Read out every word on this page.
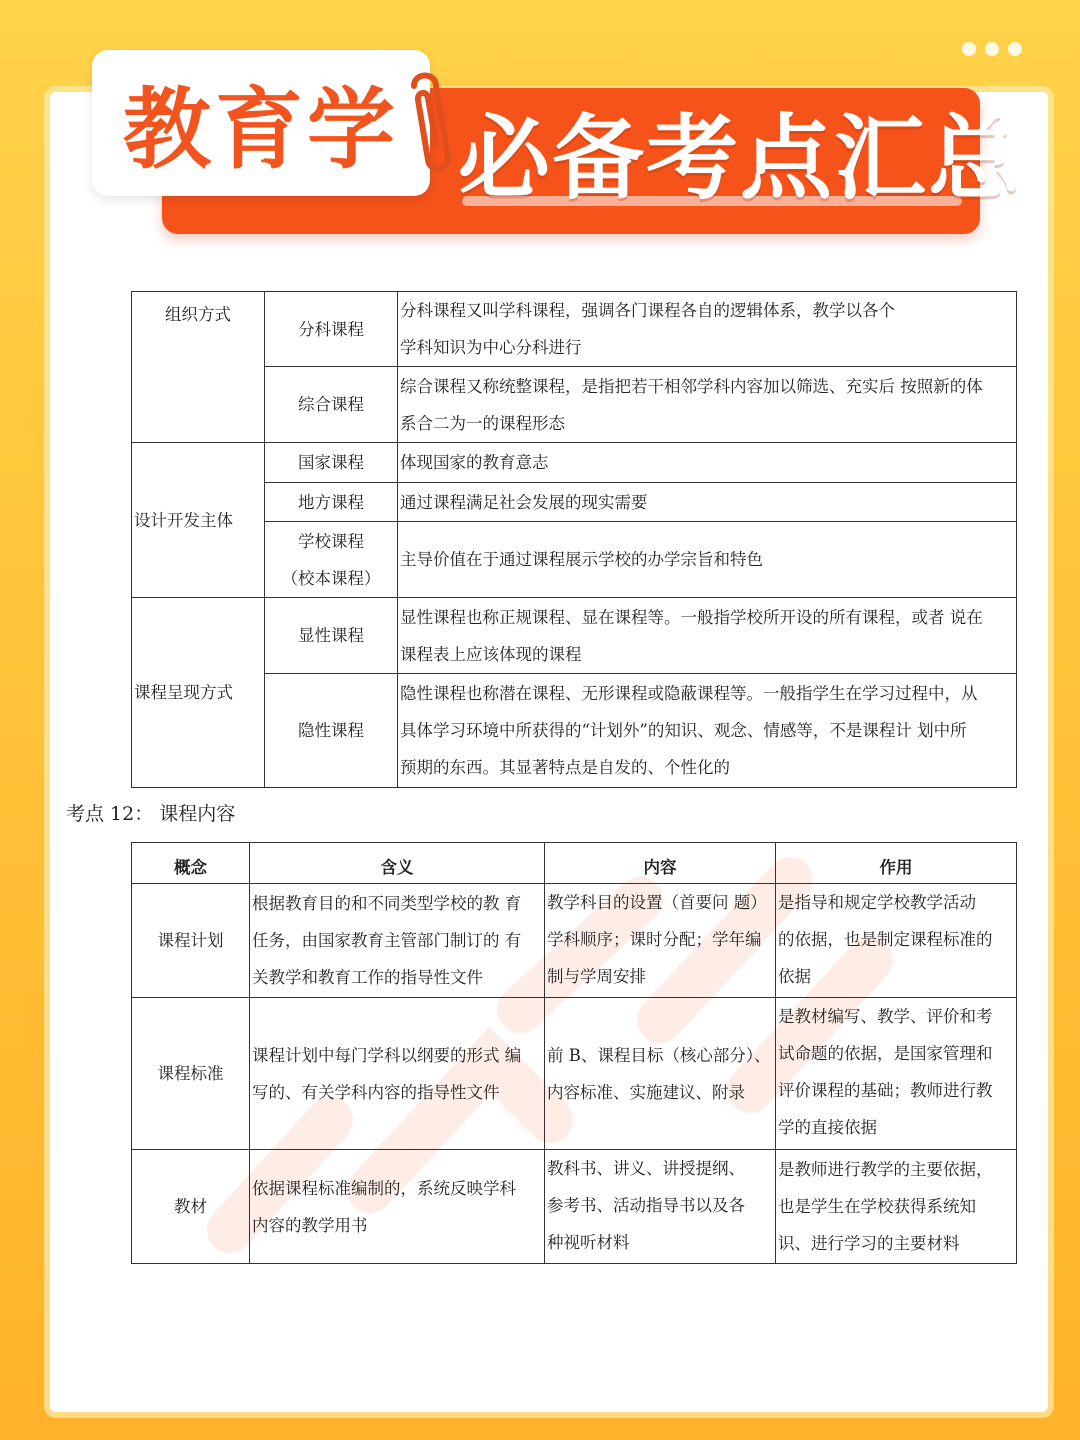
必备考点汇总
教育学
组织方式	分科课程	分科课程又叫学科课程，强调各门课程各自的逻辑体系，教学以各个
学科知识为中心分科进行
	综合课程	综合课程又称统整课程，是指把若干相邻学科内容加以筛选、充实后 按照新的体
系合二为一的课程形态
设计开发主体	国家课程	体现国家的教育意志
	地方课程	通过课程满足社会发展的现实需要
	学校课程
（校本课程）	主导价值在于通过课程展示学校的办学宗旨和特色
课程呈现方式	显性课程	显性课程也称正规课程、显在课程等。一般指学校所开设的所有课程，或者 说在
课程表上应该体现的课程
	隐性课程	隐性课程也称潜在课程、无形课程或隐蔽课程等。一般指学生在学习过程中，从
具体学习环境中所获得的“计划外”的知识、观念、情感等，不是课程计 划中所
预期的东西。其显著特点是自发的、个性化的
考点 12： 课程内容
概念	含义	内容	作用
课程计划	根据教育目的和不同类型学校的教 育
任务，由国家教育主管部门制订的 有
关教学和教育工作的指导性文件	教学科目的设置（首要问 题）
学科顺序；课时分配；学年编
制与学周安排	是指导和规定学校教学活动
的依据，也是制定课程标准的
依据
课程标准	课程计划中每门学科以纲要的形式 编
写的、有关学科内容的指导性文件	前 B、课程目标（核心部分）、
内容标准、实施建议、附录	是教材编写、教学、评价和考
试命题的依据，是国家管理和
评价课程的基础；教师进行教
学的直接依据
教材	依据课程标准编制的，系统反映学科
内容的教学用书	教科书、讲义、讲授提纲、
参考书、活动指导书以及各
种视听材料	是教师进行教学的主要依据，
也是学生在学校获得系统知
识、进行学习的主要材料
